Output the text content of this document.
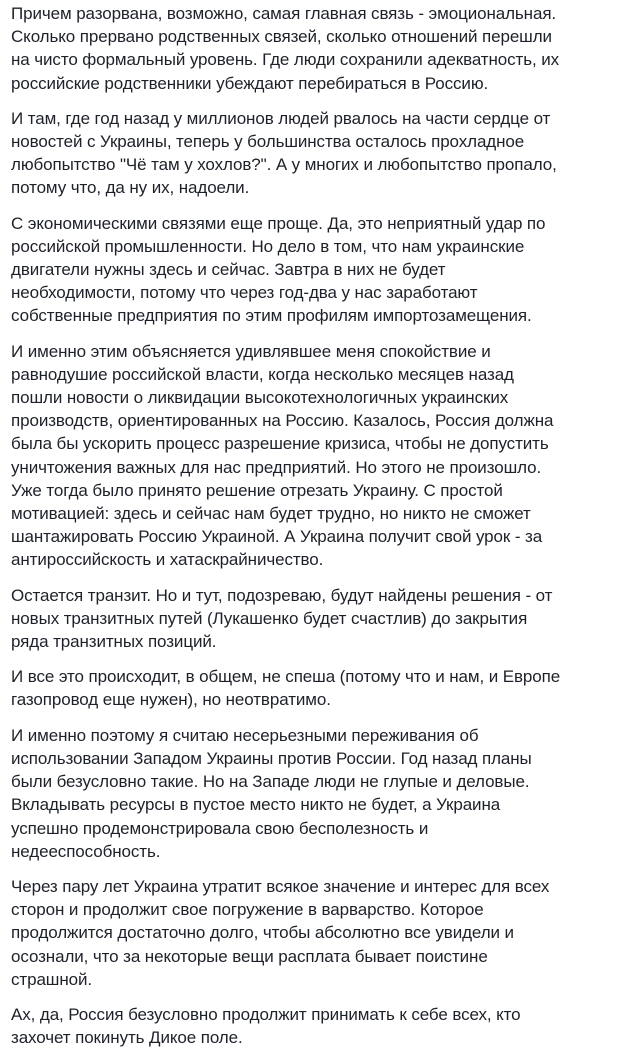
Причем разорвана, возможно, самая главная связь - эмоциональная.
Сколько прервано родственных связей, сколько отношений перешли
на чисто формальный уровень. Где люди сохранили адекватность, их
российские родственники убеждают перебираться в Россию.

И там, где год назад у миллионов людей рвалось на части сердце от
новостей с Украины, теперь у большинства осталось прохладное
любопытство "Чё там у хохлов?". А у многих и любопытство пропало,
потому что, да ну их, надоели.

С экономическими связями еще проще. Да, это неприятный удар по
российской промышленности. Но дело в том, что нам украинские
двигатели нужны здесь и сейчас. Завтра в них не будет
необходимости, потому что через год-два у нас заработают
собственные предприятия по этим профилям импортозамещения.

И именно этим объясняется удивлявшее меня спокойствие и
равнодушие российской власти, когда несколько месяцев назад
пошли новости о ликвидации высокотехнологичных украинских
производств, ориентированных на Россию. Казалось, Россия должна
была бы ускорить процесс разрешение кризиса, чтобы не допустить
уничтожения важных для нас предприятий. Но этого не произошло.
Уже тогда было принято решение отрезать Украину. С простой
мотивацией: здесь и сейчас нам будет трудно, но никто не сможет
шантажировать Россию Украиной. А Украина получит свой урок - за
антироссийскость и хатаскрайничество.

Остается транзит. Но и тут, подозреваю, будут найдены решения - от
новых транзитных путей (Лукашенко будет счастлив) до закрытия
ряда транзитных позиций.

И все это происходит, в общем, не спеша (потому что и нам, и Европе
газопровод еще нужен), но неотвратимо.

И именно поэтому я считаю несерьезными переживания об
использовании Западом Украины против России. Год назад планы
были безусловно такие. Но на Западе люди не глупые и деловые.
Вкладывать ресурсы в пустое место никто не будет, а Украина
успешно продемонстрировала свою бесполезность и
недееспособность.

Через пару лет Украина утратит всякое значение и интерес для всех
сторон и продолжит свое погружение в варварство. Которое
продолжится достаточно долго, чтобы абсолютно все увидели и
осознали, что за некоторые вещи расплата бывает поистине
страшной.

Ах, да, Россия безусловно продолжит принимать к себе всех, кто
захочет покинуть Дикое поле.
